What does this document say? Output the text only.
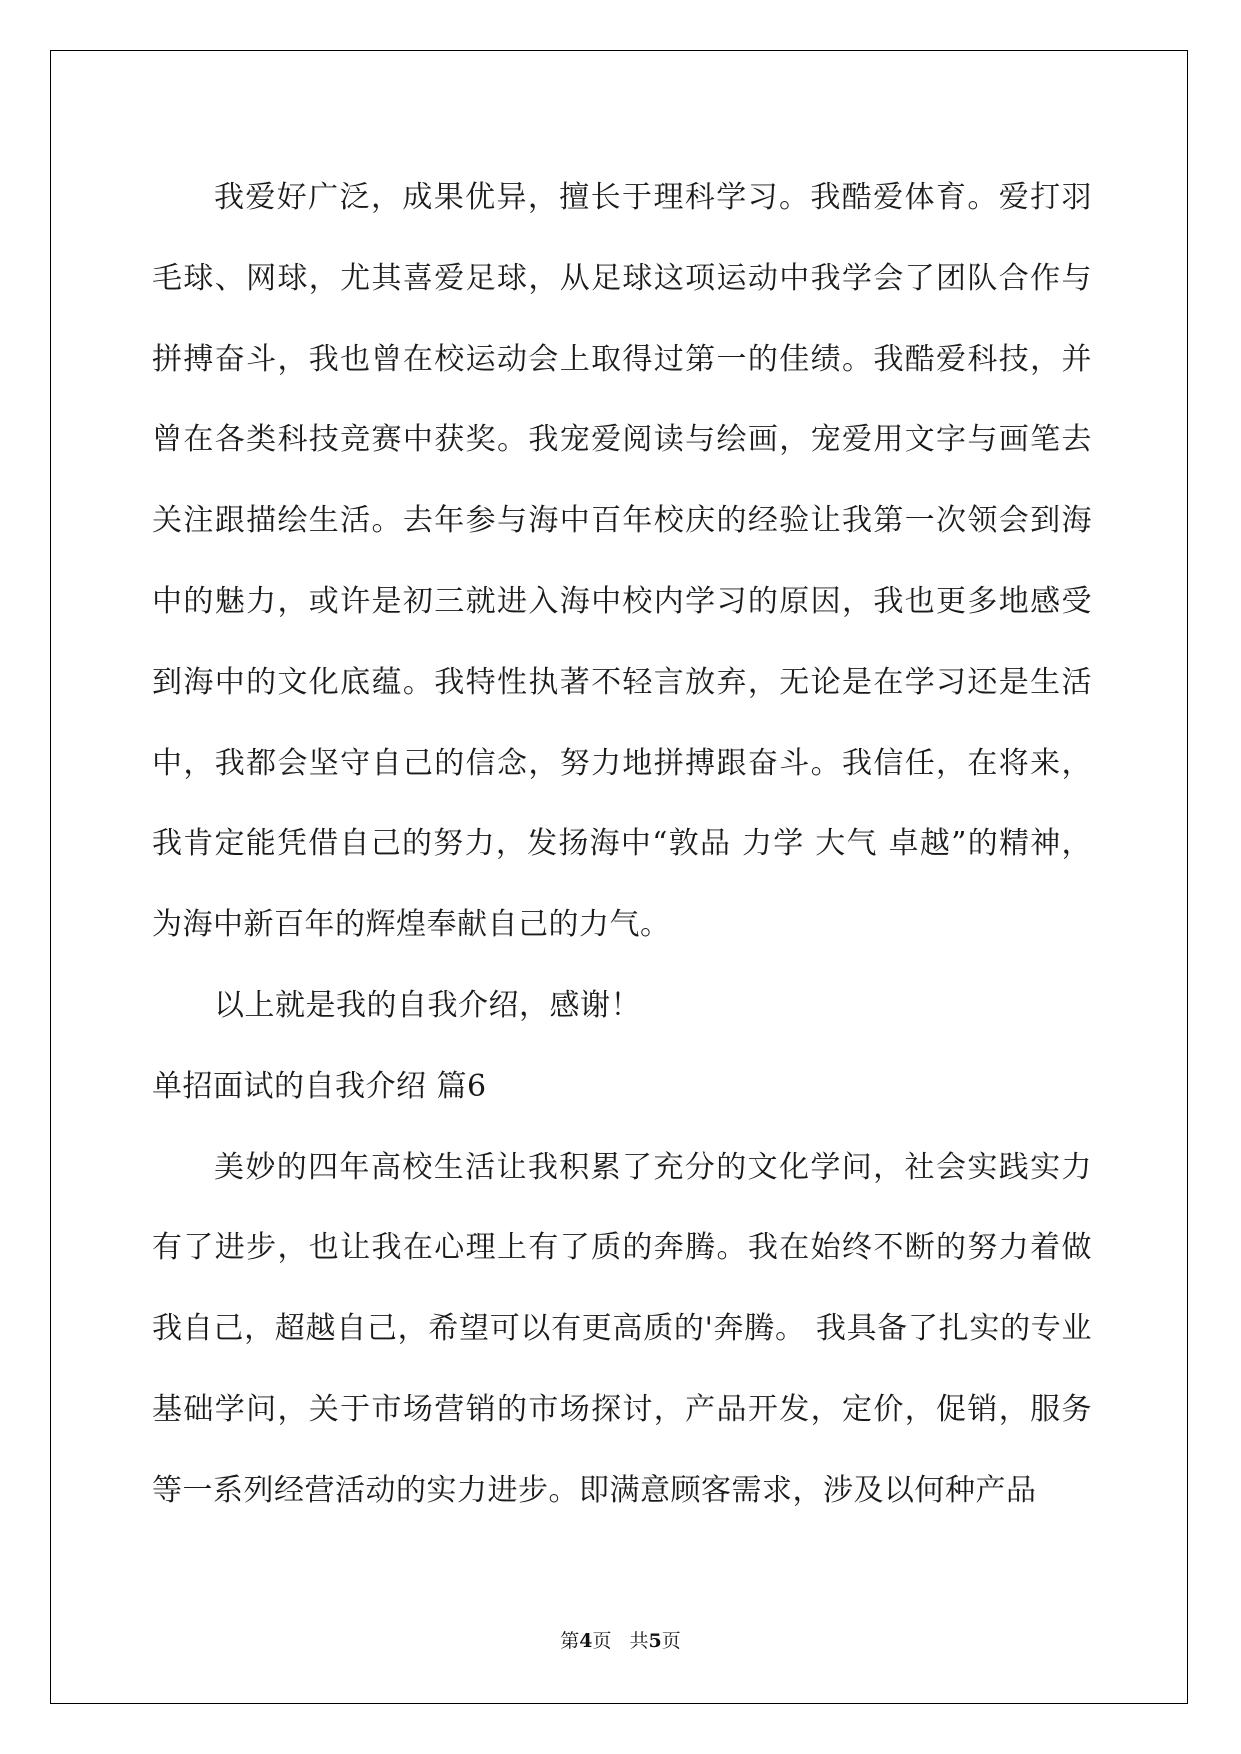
我爱好广泛，成果优异，擅长于理科学习。我酷爱体育。爱打羽毛球、网球，尤其喜爱足球，从足球这项运动中我学会了团队合作与拼搏奋斗，我也曾在校运动会上取得过第一的佳绩。我酷爱科技，并曾在各类科技竞赛中获奖。我宠爱阅读与绘画，宠爱用文字与画笔去关注跟描绘生活。去年参与海中百年校庆的经验让我第一次领会到海中的魅力，或许是初三就进入海中校内学习的原因，我也更多地感受到海中的文化底蕴。我特性执著不轻言放弃，无论是在学习还是生活中，我都会坚守自己的信念，努力地拼搏跟奋斗。我信任，在将来，我肯定能凭借自己的努力，发扬海中“敦品 力学 大气 卓越”的精神，为海中新百年的辉煌奉献自己的力气。

以上就是我的自我介绍，感谢！

单招面试的自我介绍 篇6

美妙的四年高校生活让我积累了充分的文化学问，社会实践实力有了进步，也让我在心理上有了质的奔腾。我在始终不断的努力着做我自己，超越自己，希望可以有更高质的'奔腾。 我具备了扎实的专业基础学问，关于市场营销的市场探讨，产品开发，定价，促销，服务等一系列经营活动的实力进步。即满意顾客需求，涉及以何种产品

第4页 共5页
